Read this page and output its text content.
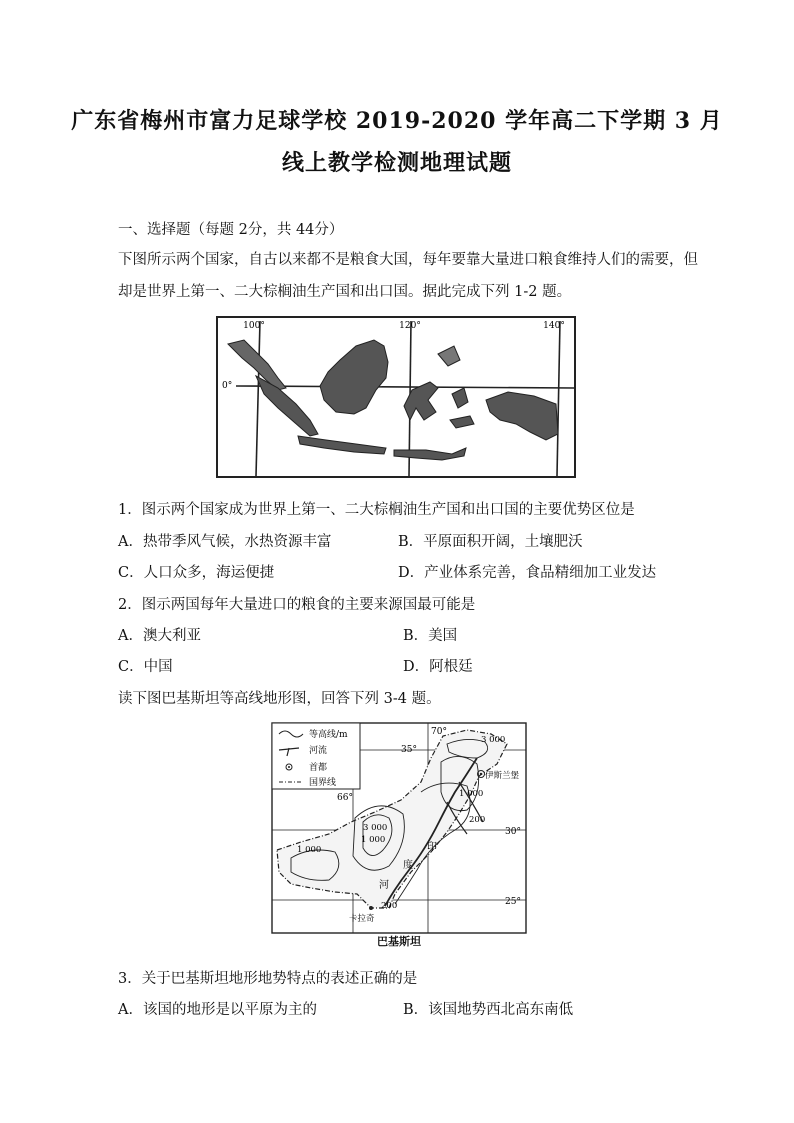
广东省梅州市富力足球学校 2019-2020 学年高二下学期 3 月
线上教学检测地理试题
一、选择题（每题 2分，共 44分）
下图所示两个国家，自古以来都不是粮食大国，每年要靠大量进口粮食维持人们的需要，但
却是世界上第一、二大棕榈油生产国和出口国。据此完成下列 1-2 题。
100°	120°	140°
0°
1．图示两个国家成为世界上第一、二大棕榈油生产国和出口国的主要优势区位是
A．热带季风气候，水热资源丰富	B．平原面积开阔，土壤肥沃
C．人口众多，海运便捷	D．产业体系完善，食品精细加工业发达
2．图示两国每年大量进口的粮食的主要来源国最可能是
A．澳大利亚	B．美国
C．中国	D．阿根廷
读下图巴基斯坦等高线地形图，回答下列 3-4 题。
等高线/m
河流
首都
国界线
35°
30°
25°
66°
70°
3 000
1 000
200
3 000
1 000
1 000
200
伊斯兰堡
卡拉奇
印
度
河
巴基斯坦
3．关于巴基斯坦地形地势特点的表述正确的是
A．该国的地形是以平原为主的	B．该国地势西北高东南低
